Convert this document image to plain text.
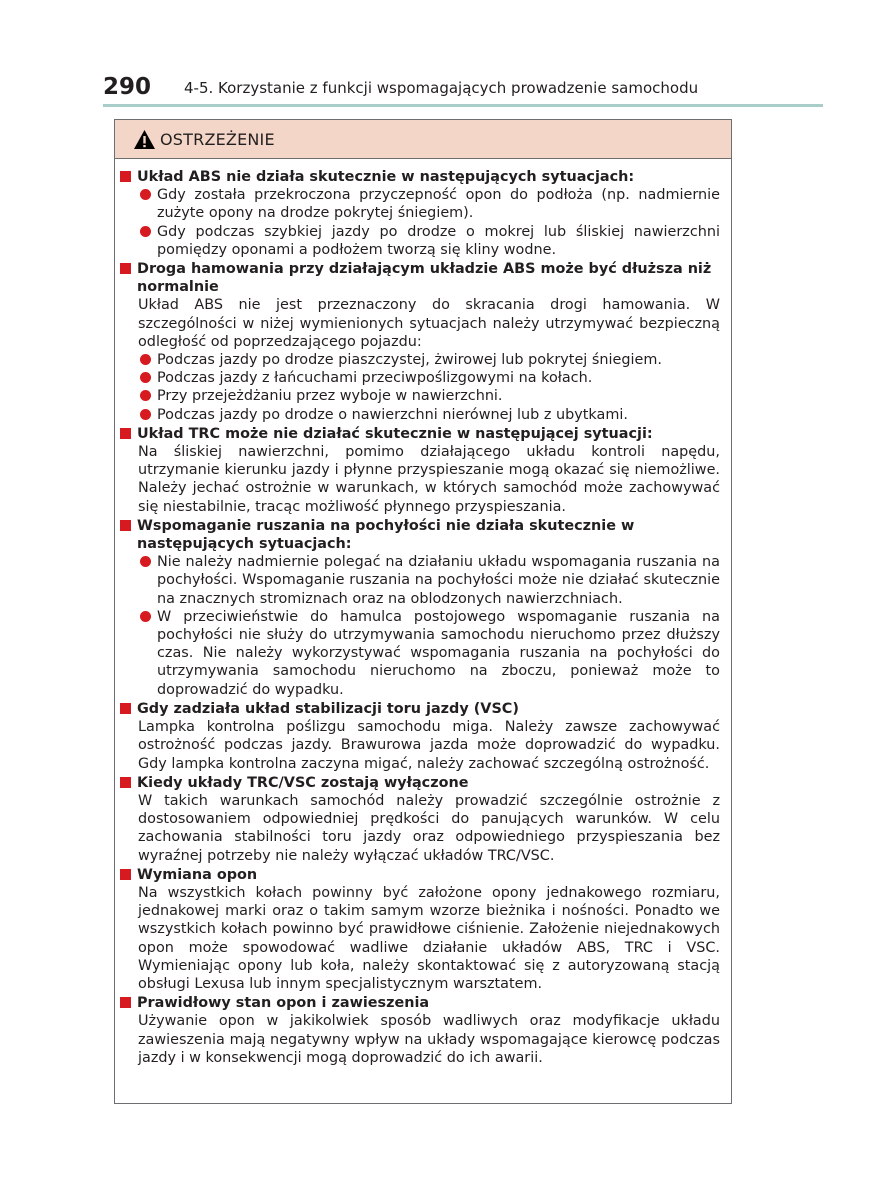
290 4-5. Korzystanie z funkcji wspomagających prowadzenie samochodu
OSTRZEŻENIE
Układ ABS nie działa skutecznie w następujących sytuacjach:
Gdy została przekroczona przyczepność opon do podłoża (np. nadmiernie zużyte opony na drodze pokrytej śniegiem).
Gdy podczas szybkiej jazdy po drodze o mokrej lub śliskiej nawierzchni pomiędzy oponami a podłożem tworzą się kliny wodne.
Droga hamowania przy działającym układzie ABS może być dłuższa niż normalnie
Układ ABS nie jest przeznaczony do skracania drogi hamowania. W szczególności w niżej wymienionych sytuacjach należy utrzymywać bezpieczną odległość od poprzedzającego pojazdu:
Podczas jazdy po drodze piaszczystej, żwirowej lub pokrytej śniegiem.
Podczas jazdy z łańcuchami przeciwpoślizgowymi na kołach.
Przy przejeżdżaniu przez wyboje w nawierzchni.
Podczas jazdy po drodze o nawierzchni nierównej lub z ubytkami.
Układ TRC może nie działać skutecznie w następującej sytuacji:
Na śliskiej nawierzchni, pomimo działającego układu kontroli napędu, utrzymanie kierunku jazdy i płynne przyspieszanie mogą okazać się niemożliwe. Należy jechać ostrożnie w warunkach, w których samochód może zachowywać się niestabilnie, tracąc możliwość płynnego przyspieszania.
Wspomaganie ruszania na pochyłości nie działa skutecznie w następujących sytuacjach:
Nie należy nadmiernie polegać na działaniu układu wspomagania ruszania na pochyłości. Wspomaganie ruszania na pochyłości może nie działać skutecznie na znacznych stromiznach oraz na oblodzonych nawierzchniach.
W przeciwieństwie do hamulca postojowego wspomaganie ruszania na pochyłości nie służy do utrzymywania samochodu nieruchomo przez dłuższy czas. Nie należy wykorzystywać wspomagania ruszania na pochyłości do utrzymywania samochodu nieruchomo na zboczu, ponieważ może to doprowadzić do wypadku.
Gdy zadziała układ stabilizacji toru jazdy (VSC)
Lampka kontrolna poślizgu samochodu miga. Należy zawsze zachowywać ostrożność podczas jazdy. Brawurowa jazda może doprowadzić do wypadku. Gdy lampka kontrolna zaczyna migać, należy zachować szczególną ostrożność.
Kiedy układy TRC/VSC zostają wyłączone
W takich warunkach samochód należy prowadzić szczególnie ostrożnie z dostosowaniem odpowiedniej prędkości do panujących warunków. W celu zachowania stabilności toru jazdy oraz odpowiedniego przyspieszania bez wyraźnej potrzeby nie należy wyłączać układów TRC/VSC.
Wymiana opon
Na wszystkich kołach powinny być założone opony jednakowego rozmiaru, jednakowej marki oraz o takim samym wzorze bieżnika i nośności. Ponadto we wszystkich kołach powinno być prawidłowe ciśnienie. Założenie niejednakowych opon może spowodować wadliwe działanie układów ABS, TRC i VSC. Wymieniając opony lub koła, należy skontaktować się z autoryzowaną stacją obsługi Lexusa lub innym specjalistycznym warsztatem.
Prawidłowy stan opon i zawieszenia
Używanie opon w jakikolwiek sposób wadliwych oraz modyfikacje układu zawieszenia mają negatywny wpływ na układy wspomagające kierowcę podczas jazdy i w konsekwencji mogą doprowadzić do ich awarii.
